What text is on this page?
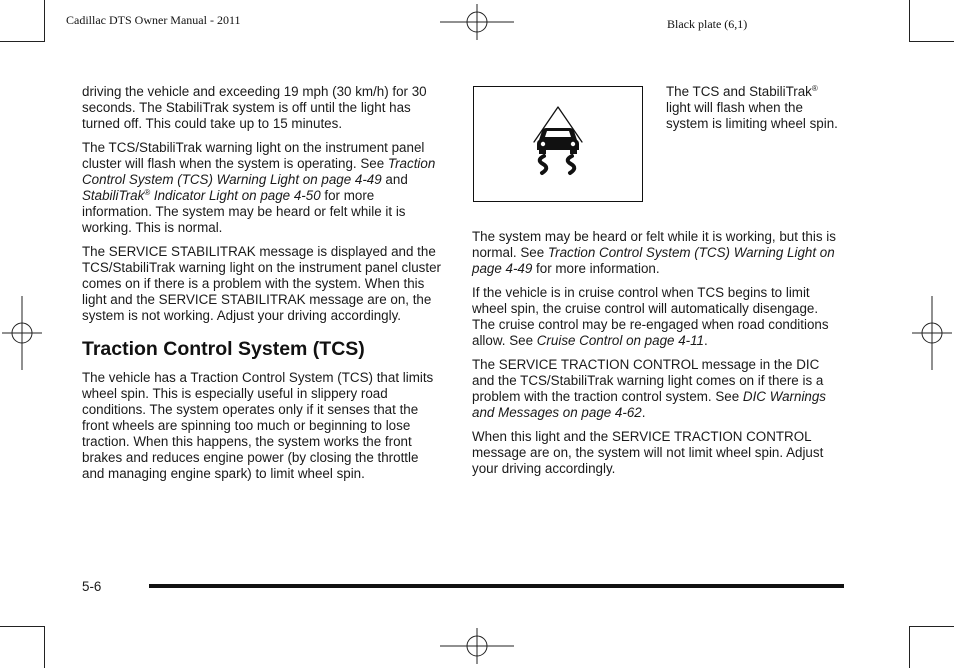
Cadillac DTS Owner Manual - 2011	Black plate (6,1)

driving the vehicle and exceeding 19 mph (30 km/h) for 30 seconds. The StabiliTrak system is off until the light has turned off. This could take up to 15 minutes.

The TCS/StabiliTrak warning light on the instrument panel cluster will flash when the system is operating. See Traction Control System (TCS) Warning Light on page 4-49 and StabiliTrak® Indicator Light on page 4-50 for more information. The system may be heard or felt while it is working. This is normal.

The SERVICE STABILITRAK message is displayed and the TCS/StabiliTrak warning light on the instrument panel cluster comes on if there is a problem with the system. When this light and the SERVICE STABILITRAK message are on, the system is not working. Adjust your driving accordingly.

Traction Control System (TCS)

The vehicle has a Traction Control System (TCS) that limits wheel spin. This is especially useful in slippery road conditions. The system operates only if it senses that the front wheels are spinning too much or beginning to lose traction. When this happens, the system works the front brakes and reduces engine power (by closing the throttle and managing engine spark) to limit wheel spin.

The TCS and StabiliTrak® light will flash when the system is limiting wheel spin.

The system may be heard or felt while it is working, but this is normal. See Traction Control System (TCS) Warning Light on page 4-49 for more information.

If the vehicle is in cruise control when TCS begins to limit wheel spin, the cruise control will automatically disengage. The cruise control may be re-engaged when road conditions allow. See Cruise Control on page 4-11.

The SERVICE TRACTION CONTROL message in the DIC and the TCS/StabiliTrak warning light comes on if there is a problem with the traction control system. See DIC Warnings and Messages on page 4-62.

When this light and the SERVICE TRACTION CONTROL message are on, the system will not limit wheel spin. Adjust your driving accordingly.

5-6
